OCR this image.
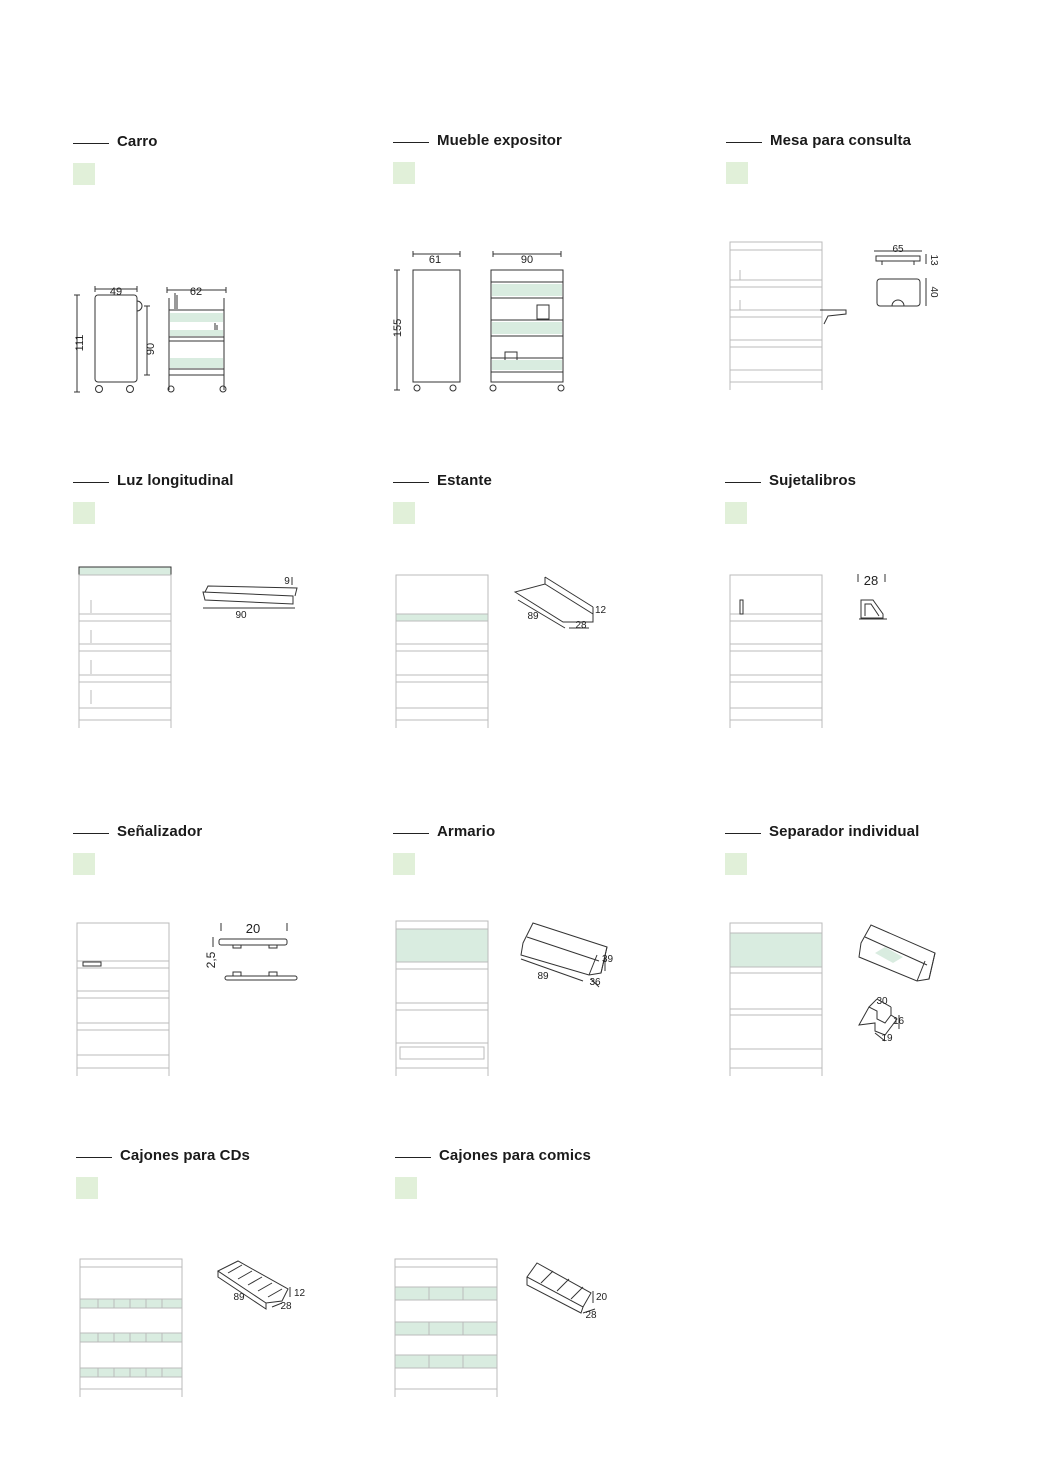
Carro
49	62
111	90
Mueble expositor
61	90
155
Mesa para consulta
65
13
40
Luz longitudinal
9
90
Estante
89
12
28
Sujetalibros
28
Señalizador
20
2,5
Armario
89
39
36
Separador individual
30
16
19
Cajones para CDs
89	12
28
Cajones para comics
20
28
